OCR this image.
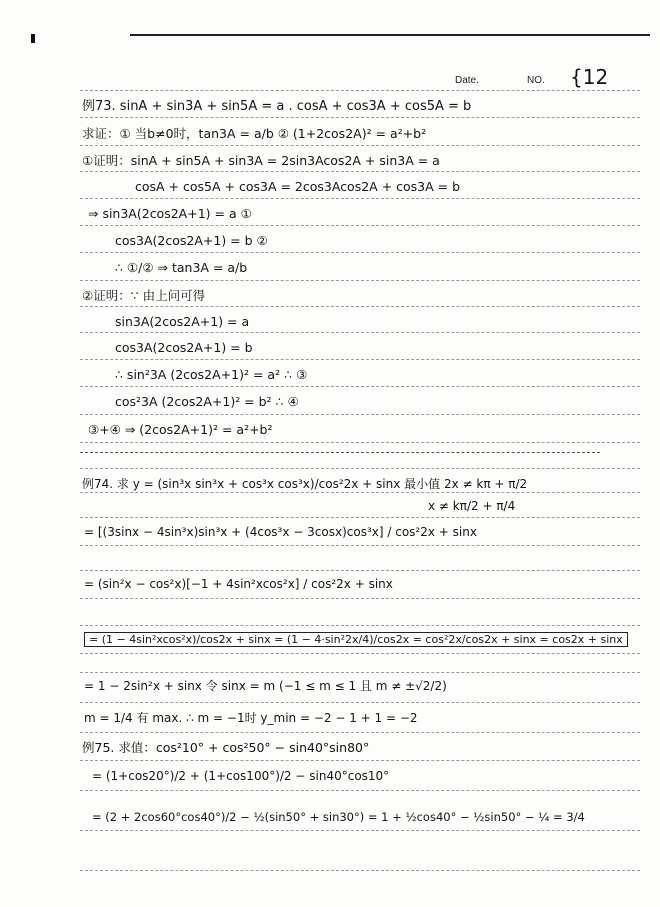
Date.	NO. {12
例73. sinA + sin3A + sin5A = a . cosA + cos3A + cos5A = b
求证：① 当b≠0时，tan3A = a/b ② (1+2cos2A)² = a²+b²
①证明：sinA + sin5A + sin3A = 2sin3Acos2A + sin3A = a
cosA + cos5A + cos3A = 2cos3Acos2A + cos3A = b
⇒ sin3A(2cos2A+1) = a ①
cos3A(2cos2A+1) = b ②
∴ ①/② ⇒ tan3A = a/b
②证明：∵ 由上问可得
sin3A(2cos2A+1) = a
cos3A(2cos2A+1) = b
∴ sin²3A (2cos2A+1)² = a² ∴ ③
cos²3A (2cos2A+1)² = b² ∴ ④
③+④ ⇒ (2cos2A+1)² = a²+b²
例74. 求 y = (sin³x sin³x + cos³x cos³x)/cos²2x + sinx 最小值 2x ≠ kπ + π/2
x ≠ kπ/2 + π/4
= [(3sinx − 4sin³x)sin³x + (4cos³x − 3cosx)cos³x] / cos²2x + sinx
= (sin²x − cos²x)[−1 + 4sin²xcos²x] / cos²2x + sinx
= (1 − 4sin²xcos²x)/cos2x + sinx = (1 − 4·sin²2x/4)/cos2x = cos²2x/cos2x + sinx = cos2x + sinx
= 1 − 2sin²x + sinx 令 sinx = m (−1 ≤ m ≤ 1 且 m ≠ ±√2/2)
m = 1/4 有 max. ∴ m = −1时 y_min = −2 − 1 + 1 = −2
例75. 求值：cos²10° + cos²50° − sin40°sin80°
= (1+cos20°)/2 + (1+cos100°)/2 − sin40°cos10°
= (2 + 2cos60°cos40°)/2 − ½(sin50° + sin30°) = 1 + ½cos40° − ½sin50° − ¼ = 3/4
